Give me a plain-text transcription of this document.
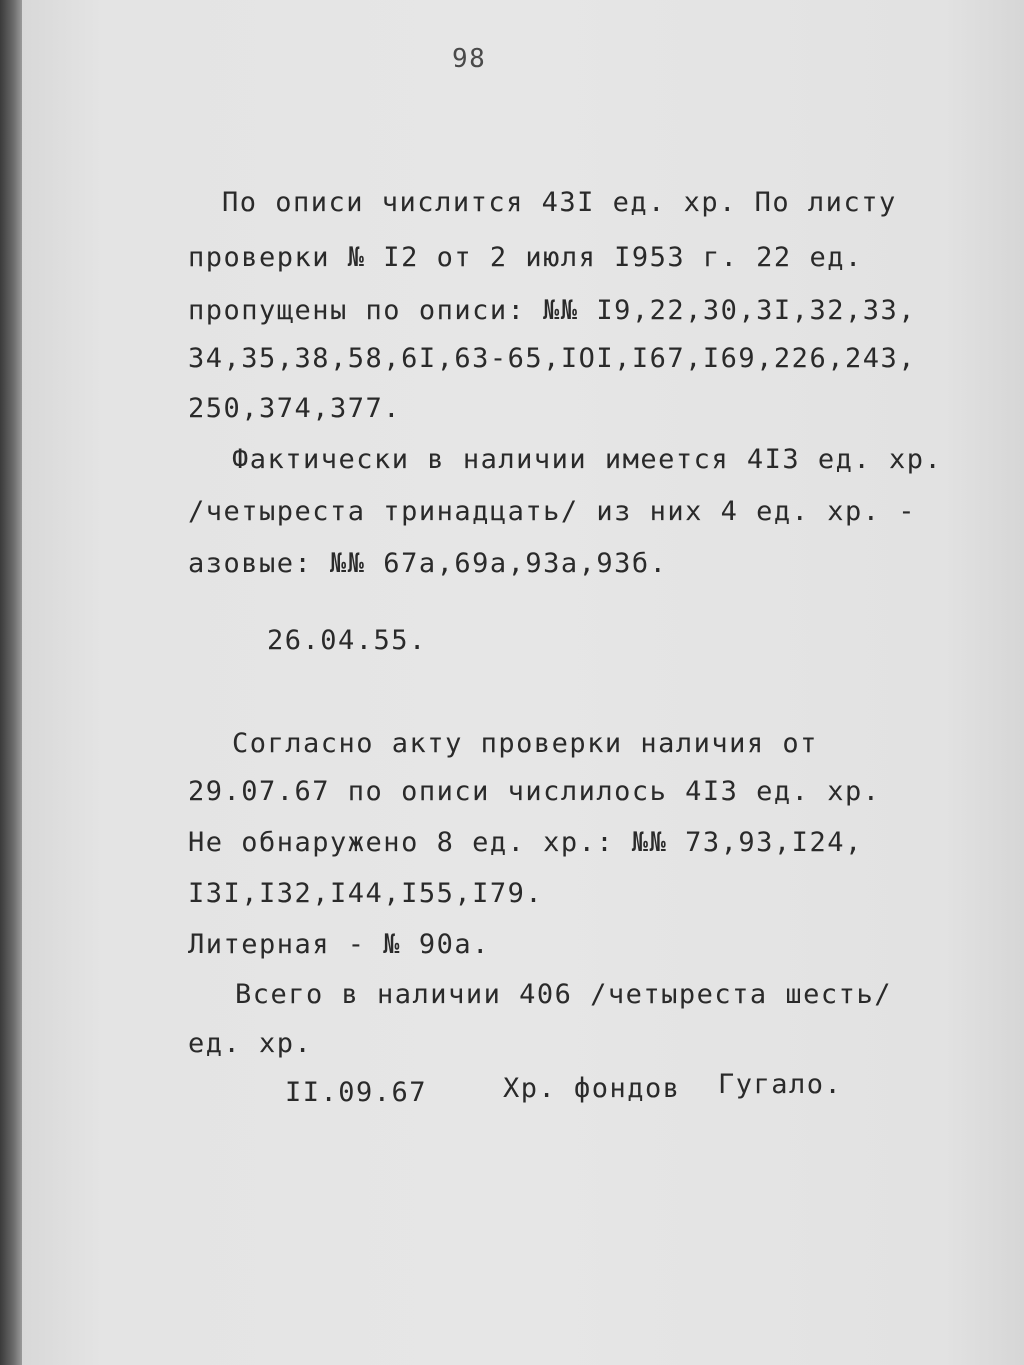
98
По описи числится 43I ед. хр. По листу
проверки № I2 от 2 июля I953 г. 22 ед.
пропущены по описи: №№ I9,22,30,3I,32,33,
34,35,38,58,6I,63-65,IOI,I67,I69,226,243,
250,374,377.
Фактически в наличии имеется 4I3 ед. хр.
/четыреста тринадцать/ из них 4 ед. хр. -
азовые: №№ 67а,69а,93а,93б.
26.04.55.
Согласно акту проверки наличия от
29.07.67 по описи числилось 4I3 ед. хр.
Не обнаружено 8 ед. хр.: №№ 73,93,I24,
I3I,I32,I44,I55,I79.
Литерная - № 90а.
Всего в наличии 406 /четыреста шесть/
ед. хр.
II.09.67	Хр. фондов Гугало.
